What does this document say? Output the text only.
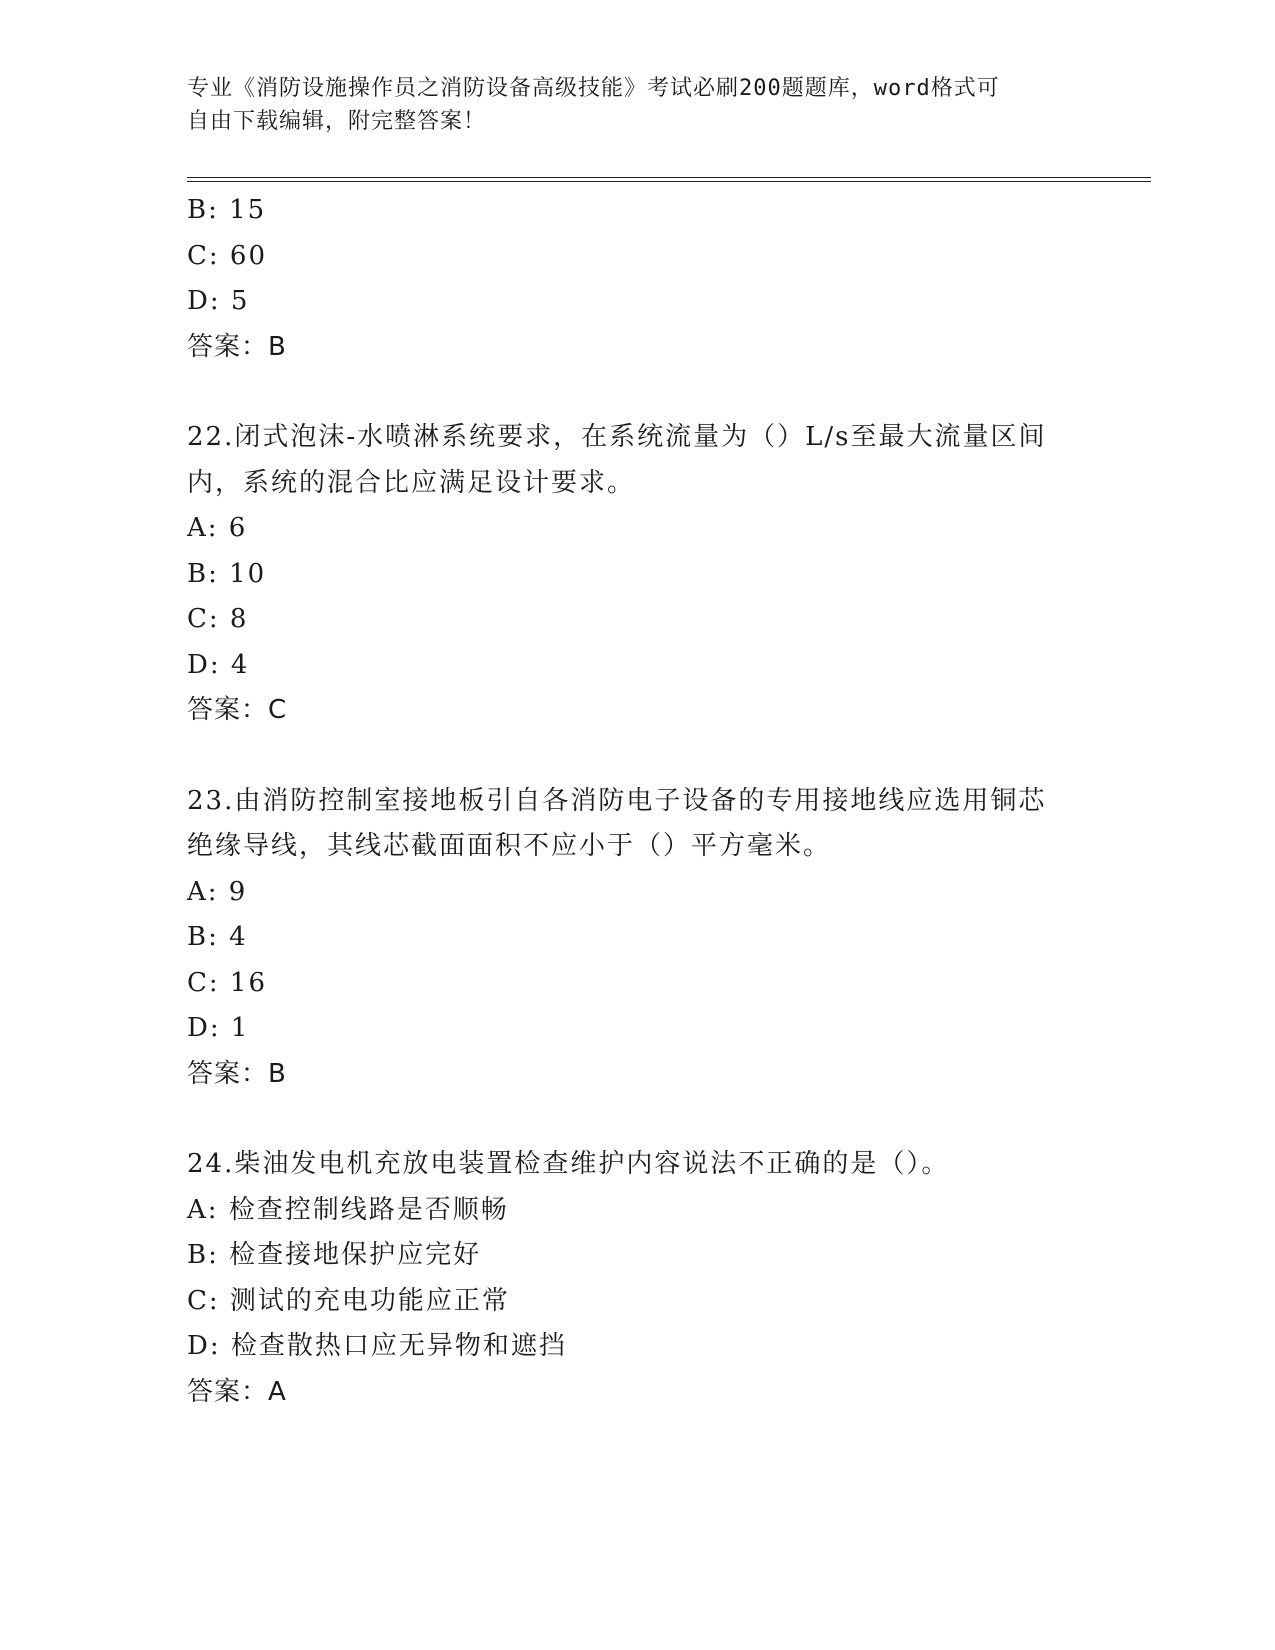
专业《消防设施操作员之消防设备高级技能》考试必刷200题题库，word格式可
自由下载编辑，附完整答案！
B: 15
C: 60
D: 5
答案：B
22.闭式泡沫-水喷淋系统要求，在系统流量为（）L/s至最大流量区间
内，系统的混合比应满足设计要求。
A: 6
B: 10
C: 8
D: 4
答案：C
23.由消防控制室接地板引自各消防电子设备的专用接地线应选用铜芯
绝缘导线，其线芯截面面积不应小于（）平方毫米。
A: 9
B: 4
C: 16
D: 1
答案：B
24.柴油发电机充放电装置检查维护内容说法不正确的是（）。
A: 检查控制线路是否顺畅
B: 检查接地保护应完好
C: 测试的充电功能应正常
D: 检查散热口应无异物和遮挡
答案：A
